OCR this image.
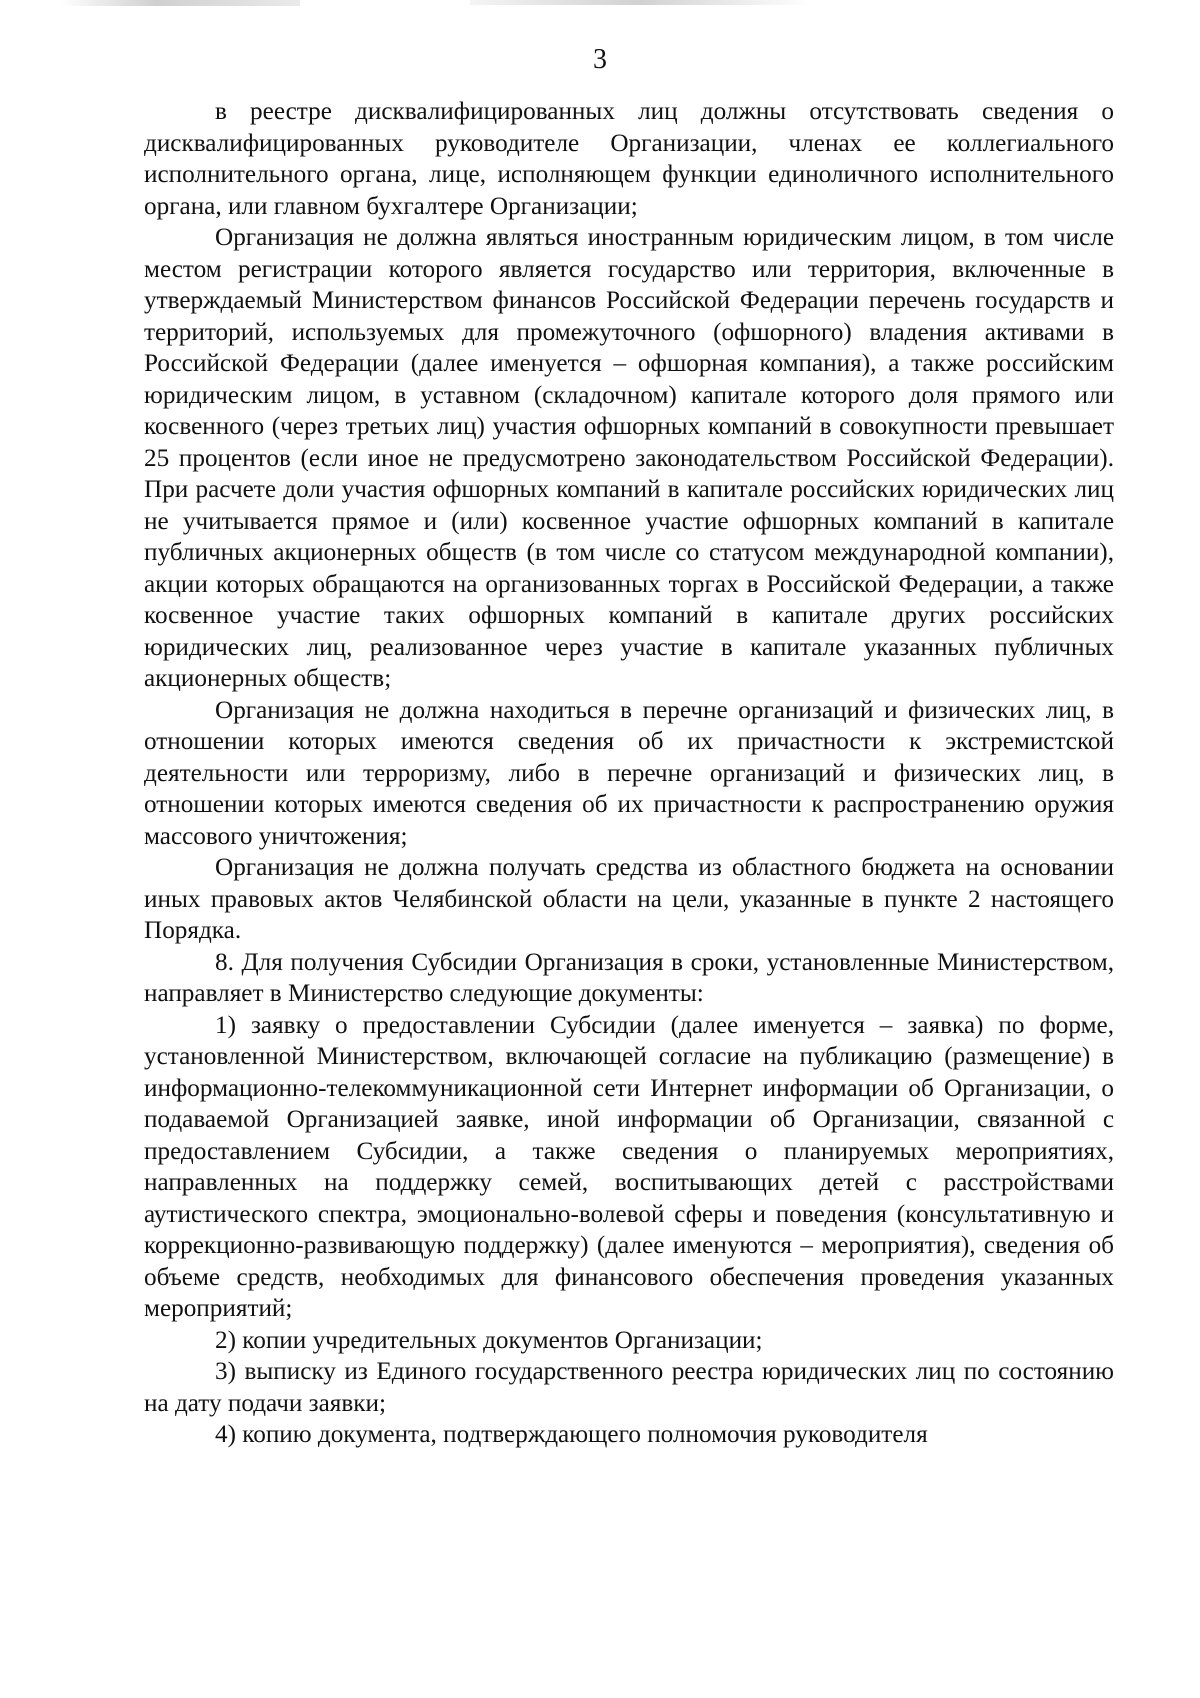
3

в реестре дисквалифицированных лиц должны отсутствовать сведения о дисквалифицированных руководителе Организации, членах ее коллегиального исполнительного органа, лице, исполняющем функции единоличного исполнительного органа, или главном бухгалтере Организации;

Организация не должна являться иностранным юридическим лицом, в том числе местом регистрации которого является государство или территория, включенные в утверждаемый Министерством финансов Российской Федерации перечень государств и территорий, используемых для промежуточного (офшорного) владения активами в Российской Федерации (далее именуется – офшорная компания), а также российским юридическим лицом, в уставном (складочном) капитале которого доля прямого или косвенного (через третьих лиц) участия офшорных компаний в совокупности превышает 25 процентов (если иное не предусмотрено законодательством Российской Федерации). При расчете доли участия офшорных компаний в капитале российских юридических лиц не учитывается прямое и (или) косвенное участие офшорных компаний в капитале публичных акционерных обществ (в том числе со статусом международной компании), акции которых обращаются на организованных торгах в Российской Федерации, а также косвенное участие таких офшорных компаний в капитале других российских юридических лиц, реализованное через участие в капитале указанных публичных акционерных обществ;

Организация не должна находиться в перечне организаций и физических лиц, в отношении которых имеются сведения об их причастности к экстремистской деятельности или терроризму, либо в перечне организаций и физических лиц, в отношении которых имеются сведения об их причастности к распространению оружия массового уничтожения;

Организация не должна получать средства из областного бюджета на основании иных правовых актов Челябинской области на цели, указанные в пункте 2 настоящего Порядка.

8. Для получения Субсидии Организация в сроки, установленные Министерством, направляет в Министерство следующие документы:

1) заявку о предоставлении Субсидии (далее именуется – заявка) по форме, установленной Министерством, включающей согласие на публикацию (размещение) в информационно-телекоммуникационной сети Интернет информации об Организации, о подаваемой Организацией заявке, иной информации об Организации, связанной с предоставлением Субсидии, а также сведения о планируемых мероприятиях, направленных на поддержку семей, воспитывающих детей с расстройствами аутистического спектра, эмоционально-волевой сферы и поведения (консультативную и коррекционно-развивающую поддержку) (далее именуются – мероприятия), сведения об объеме средств, необходимых для финансового обеспечения проведения указанных мероприятий;

2) копии учредительных документов Организации;

3) выписку из Единого государственного реестра юридических лиц по состоянию на дату подачи заявки;

4) копию документа, подтверждающего полномочия руководителя
